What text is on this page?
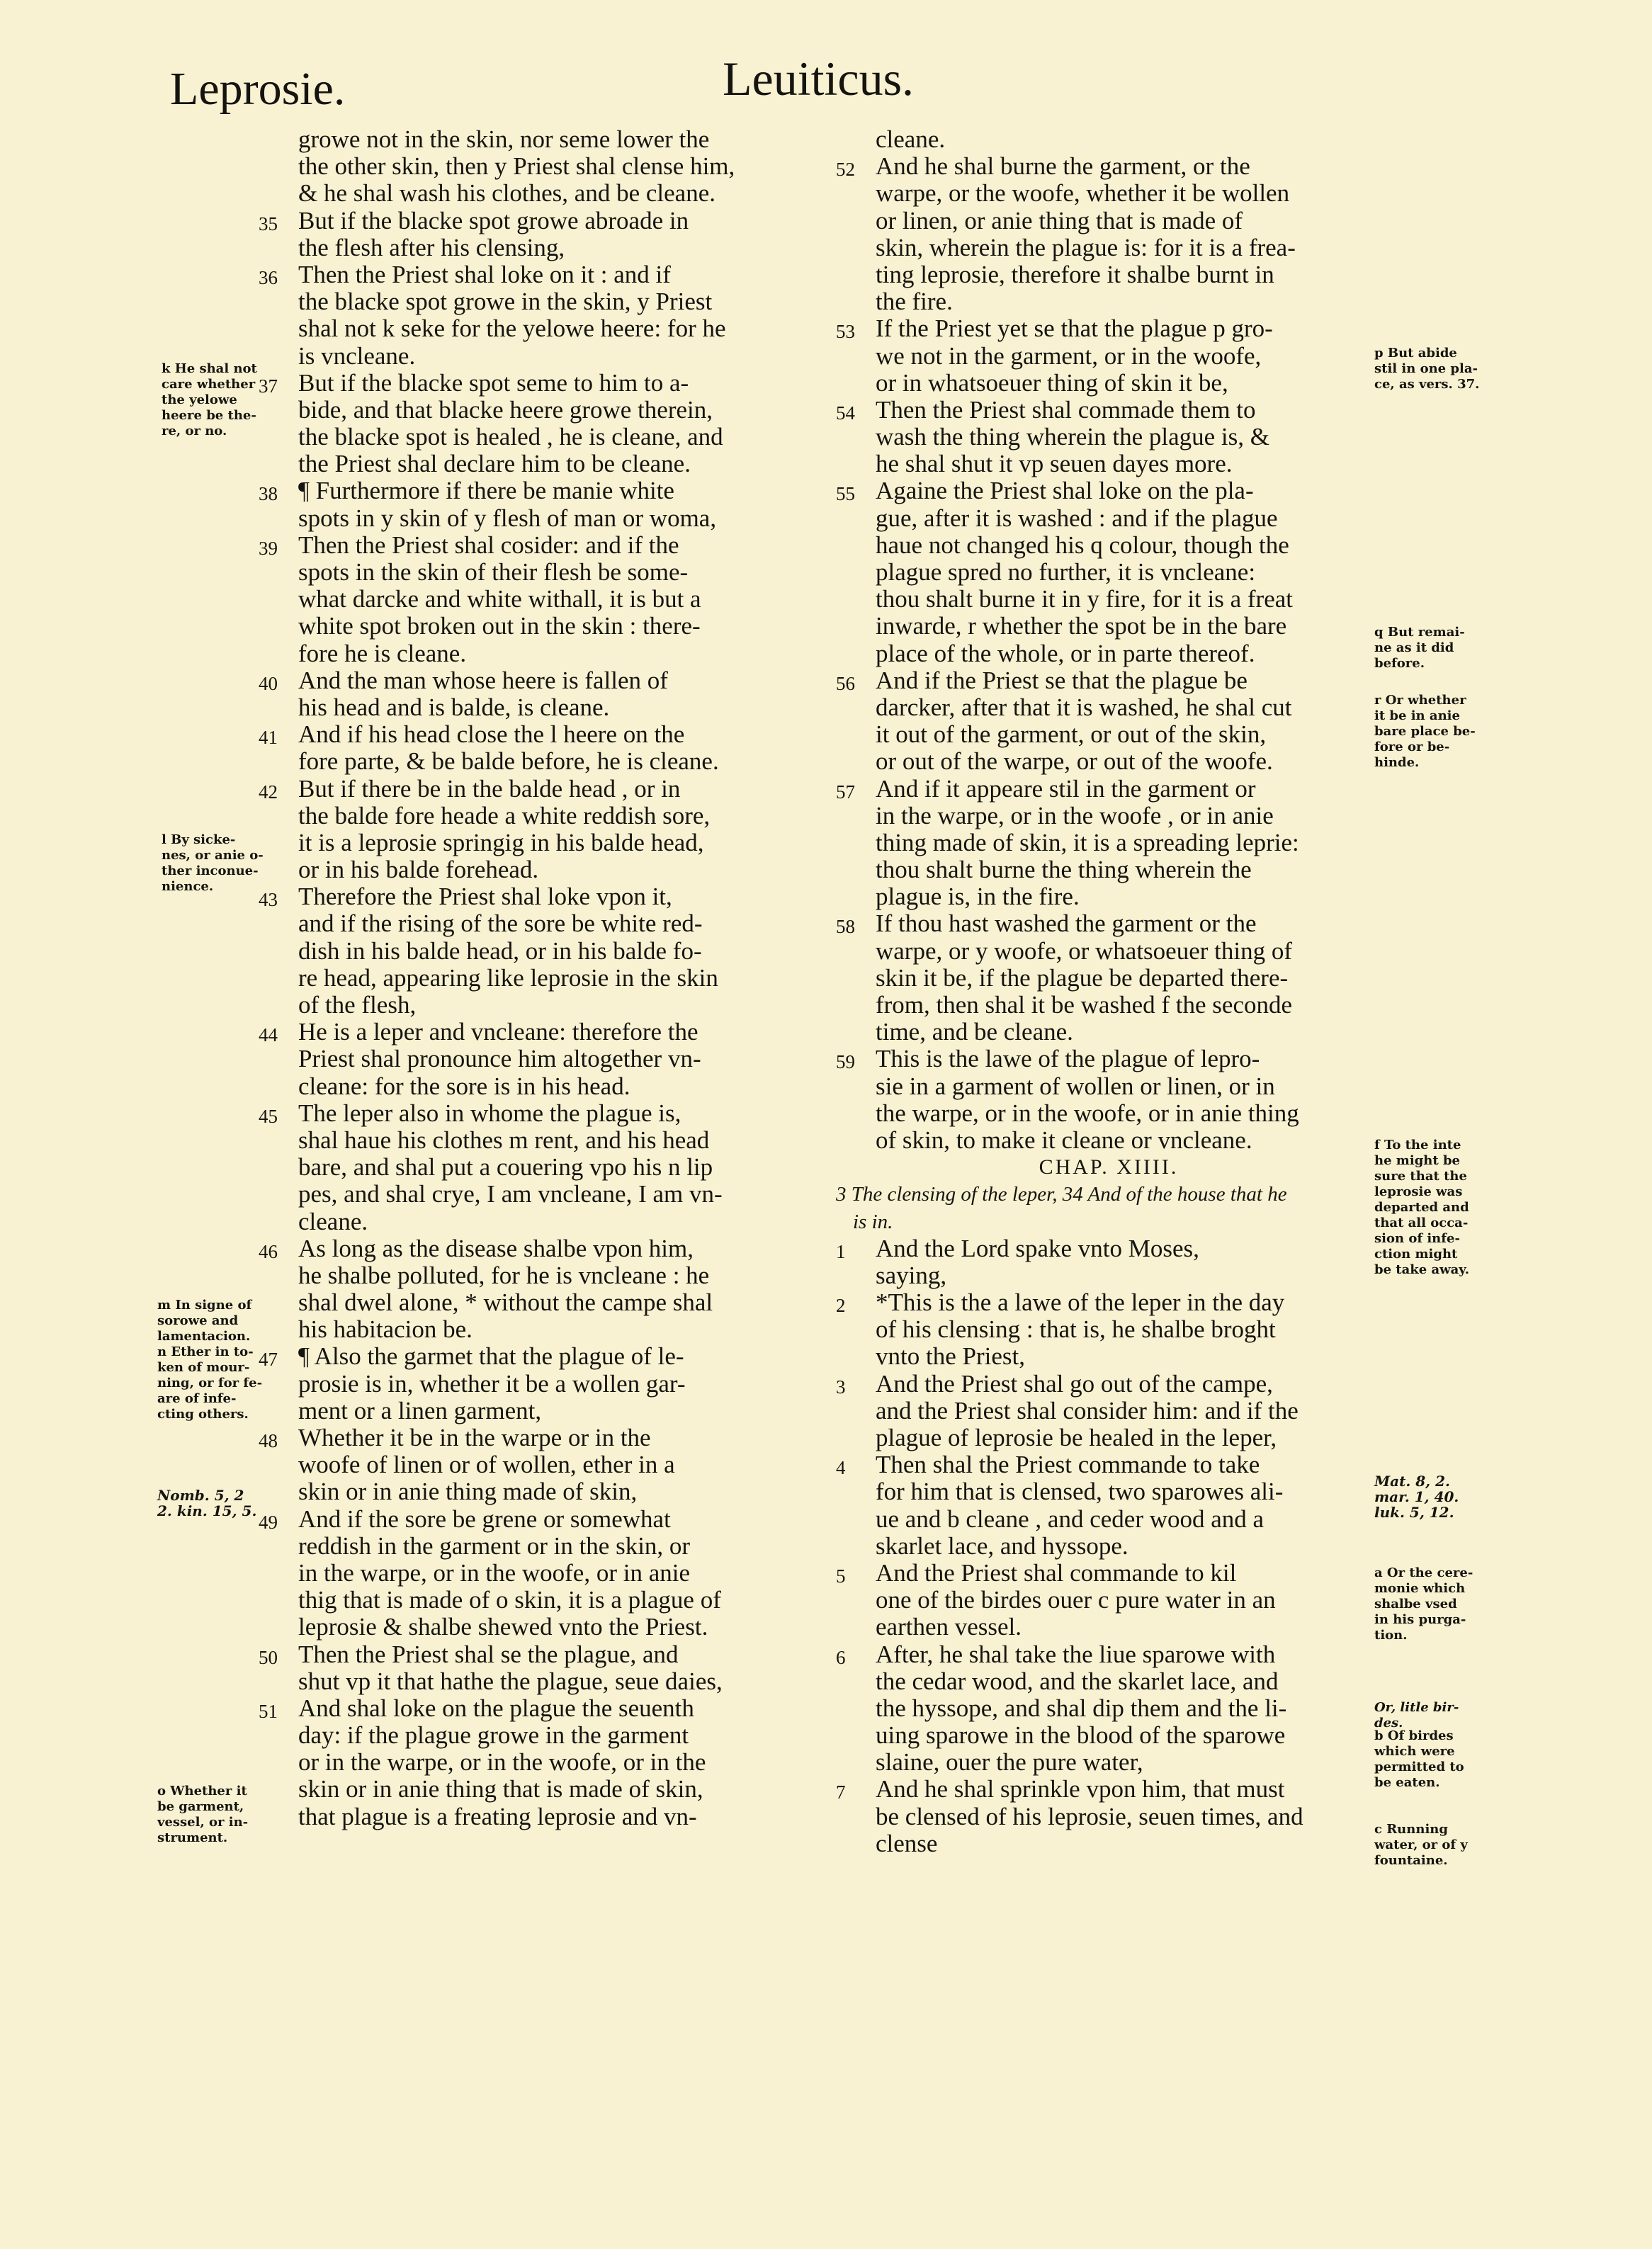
Leprosie.	Leuiticus.
growe not in the skin, nor seme lower the
the other skin, then y Priest shal clense him,
& he shal wash his clothes, and be cleane.
35 But if the blacke spot growe abroade in
the flesh after his clensing,
36 Then the Priest shal loke on it : and if
the blacke spot growe in the skin, y Priest
shal not k seke for the yelowe heere: for he
is vncleane.
37 But if the blacke spot seme to him to a-
bide, and that blacke heere growe therein,
the blacke spot is healed , he is cleane, and
the Priest shal declare him to be cleane.
38 ¶ Furthermore if there be manie white
spots in y skin of y flesh of man or woma,
39 Then the Priest shal cosider: and if the
spots in the skin of their flesh be some-
what darcke and white withall, it is but a
white spot broken out in the skin : there-
fore he is cleane.
40 And the man whose heere is fallen of
his head and is balde, is cleane.
41 And if his head close the l heere on the
fore parte, & be balde before, he is cleane.
42 But if there be in the balde head , or in
the balde fore heade a white reddish sore,
it is a leprosie springig in his balde head,
or in his balde forehead.
43 Therefore the Priest shal loke vpon it,
and if the rising of the sore be white red-
dish in his balde head, or in his balde fo-
re head, appearing like leprosie in the skin
of the flesh,
44 He is a leper and vncleane: therefore the
Priest shal pronounce him altogether vn-
cleane: for the sore is in his head.
45 The leper also in whome the plague is,
shal haue his clothes m rent, and his head
bare, and shal put a couering vpo his n lip
pes, and shal crye, I am vncleane, I am vn-
cleane.
46 As long as the disease shalbe vpon him,
he shalbe polluted, for he is vncleane : he
shal dwel alone, * without the campe shal
his habitacion be.
47 ¶ Also the garmet that the plague of le-
prosie is in, whether it be a wollen gar-
ment or a linen garment,
48 Whether it be in the warpe or in the
woofe of linen or of wollen, ether in a
skin or in anie thing made of skin,
49 And if the sore be grene or somewhat
reddish in the garment or in the skin, or
in the warpe, or in the woofe, or in anie
thig that is made of o skin, it is a plague of
leprosie & shalbe shewed vnto the Priest.
50 Then the Priest shal se the plague, and
shut vp it that hathe the plague, seue daies,
51 And shal loke on the plague the seuenth
day: if the plague growe in the garment
or in the warpe, or in the woofe, or in the
skin or in anie thing that is made of skin,
that plague is a freating leprosie and vn-
cleane.
52 And he shal burne the garment, or the
warpe, or the woofe, whether it be wollen
or linen, or anie thing that is made of
skin, wherein the plague is: for it is a frea-
ting leprosie, therefore it shalbe burnt in
the fire.
53 If the Priest yet se that the plague p gro-
we not in the garment, or in the woofe,
or in whatsoeuer thing of skin it be,
54 Then the Priest shal commade them to
wash the thing wherein the plague is, &
he shal shut it vp seuen dayes more.
55 Againe the Priest shal loke on the pla-
gue, after it is washed : and if the plague
haue not changed his q colour, though the
plague spred no further, it is vncleane:
thou shalt burne it in y fire, for it is a freat
inwarde, r whether the spot be in the bare
place of the whole, or in parte thereof.
56 And if the Priest se that the plague be
darcker, after that it is washed, he shal cut
it out of the garment, or out of the skin,
or out of the warpe, or out of the woofe.
57 And if it appeare stil in the garment or
in the warpe, or in the woofe , or in anie
thing made of skin, it is a spreading leprie:
thou shalt burne the thing wherein the
plague is, in the fire.
58 If thou hast washed the garment or the
warpe, or y woofe, or whatsoeuer thing of
skin it be, if the plague be departed there-
from, then shal it be washed f the seconde
time, and be cleane.
59 This is the lawe of the plague of lepro-
sie in a garment of wollen or linen, or in
the warpe, or in the woofe, or in anie thing
of skin, to make it cleane or vncleane.
CHAP. XIIII.
3 The clensing of the leper, 34 And of the house that he
is in.
1 And the Lord spake vnto Moses,
saying,
2 *This is the a lawe of the leper in the day
of his clensing : that is, he shalbe broght
vnto the Priest,
3 And the Priest shal go out of the campe,
and the Priest shal consider him: and if the
plague of leprosie be healed in the leper,
4 Then shal the Priest commande to take
for him that is clensed, two sparowes ali-
ue and b cleane , and ceder wood and a
skarlet lace, and hyssope.
5 And the Priest shal commande to kil
one of the birdes ouer c pure water in an
earthen vessel.
6 After, he shal take the liue sparowe with
the cedar wood, and the skarlet lace, and
the hyssope, and shal dip them and the li-
uing sparowe in the blood of the sparowe
slaine, ouer the pure water,
7 And he shal sprinkle vpon him, that must
be clensed of his leprosie, seuen times, and
clense
k He shal not
care whether
the yelowe
heere be the-
re, or no.
l By sicke-
nes, or anie o-
ther inconue-
nience.
m In signe of
sorowe and
lamentacion.
n Ether in to-
ken of mour-
ning, or for fe-
are of infe-
cting others.
Nomb. 5, 2
2. kin. 15, 5.
o Whether it
be garment,
vessel, or in-
strument.
p But abide
stil in one pla-
ce, as vers. 37.
q But remai-
ne as it did
before.
r Or whether
it be in anie
bare place be-
fore or be-
hinde.
f To the inte
he might be
sure that the
leprosie was
departed and
that all occa-
sion of infe-
ction might
be take away.
Mat. 8, 2.
mar. 1, 40.
luk. 5, 12.
a Or the cere-
monie which
shalbe vsed
in his purga-
tion.
Or, litle bir-
des.
b Of birdes
which were
permitted to
be eaten.
c Running
water, or of y
fountaine.
